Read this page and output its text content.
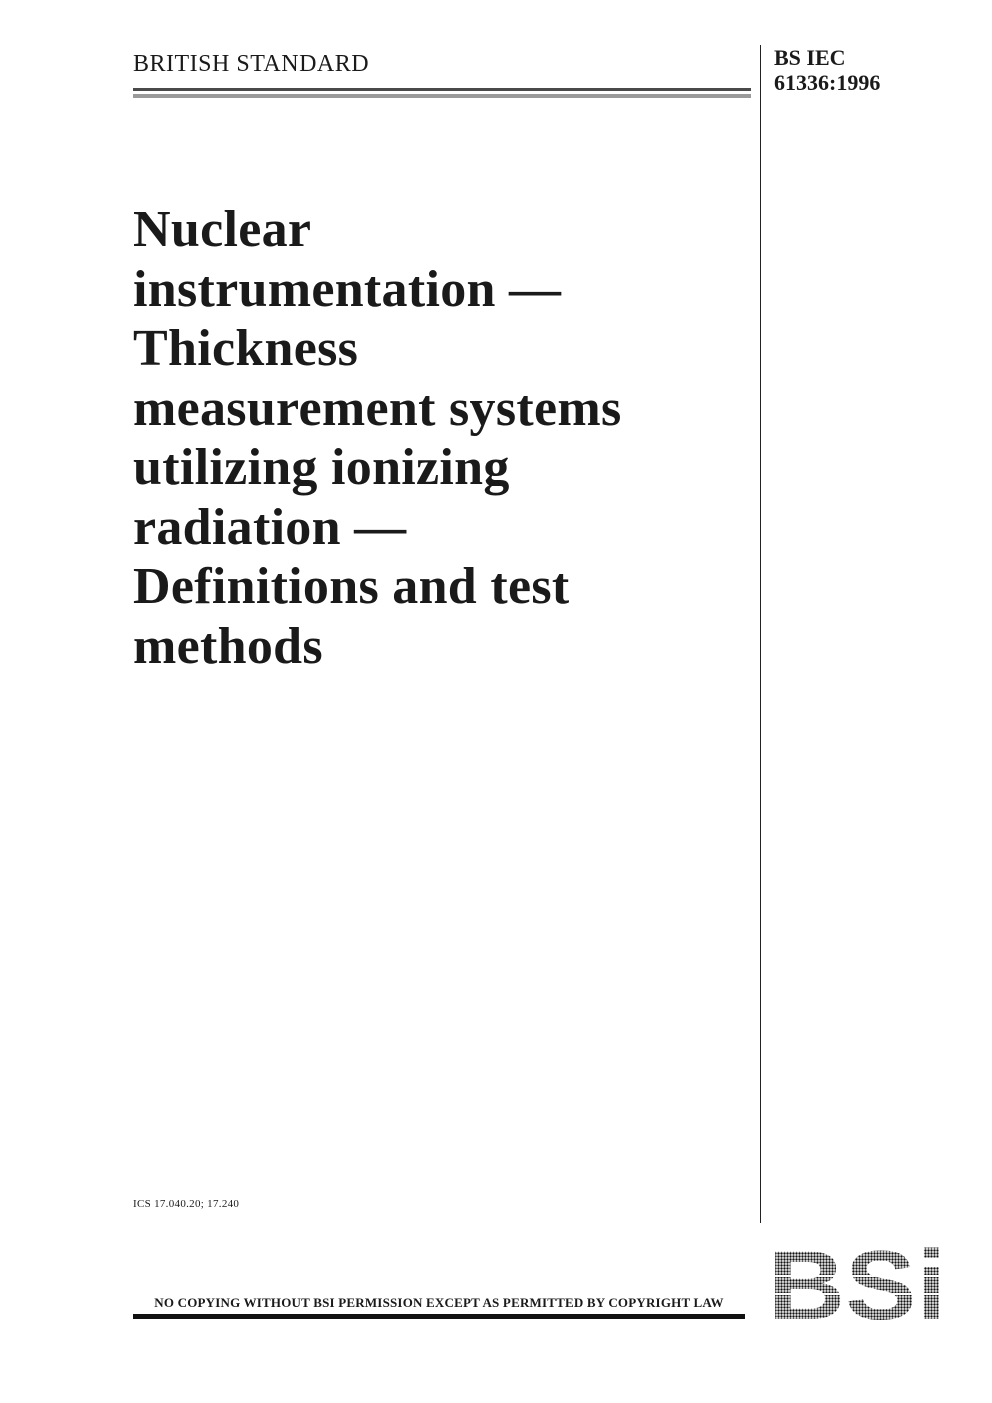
BRITISH STANDARD	BS IEC
61336:1996
Nuclear
instrumentation —
Thickness
measurement systems
utilizing ionizing
radiation —
Definitions and test
methods
ICS 17.040.20; 17.240
NO COPYING WITHOUT BSI PERMISSION EXCEPT AS PERMITTED BY COPYRIGHT LAW
